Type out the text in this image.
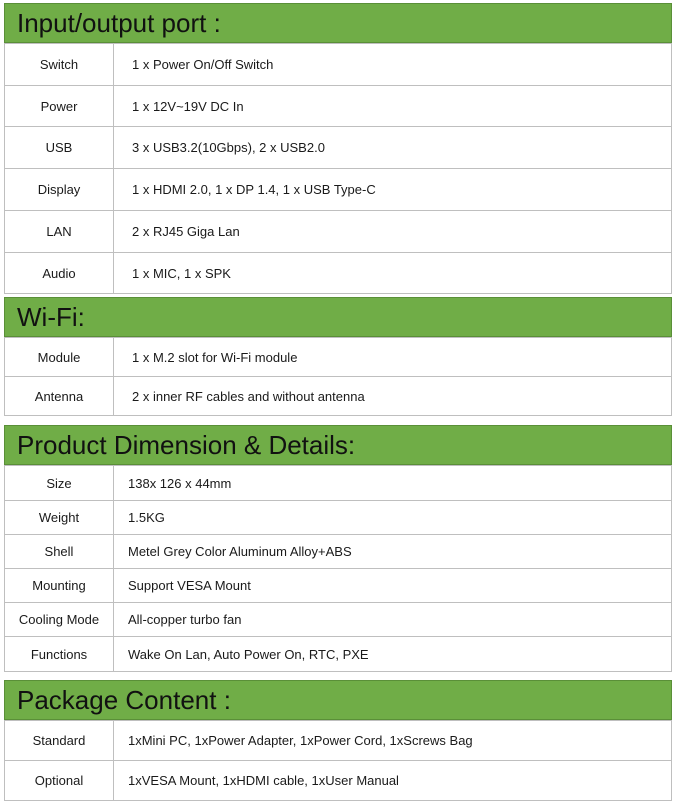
Input/output port :
Switch	1 x Power On/Off Switch
Power	1 x 12V~19V DC In
USB	3 x USB3.2(10Gbps), 2 x USB2.0
Display	1 x HDMI 2.0, 1 x DP 1.4, 1 x USB Type-C
LAN	2 x RJ45 Giga Lan
Audio	1 x MIC, 1 x SPK
Wi-Fi:
Module	1 x M.2 slot for Wi-Fi module
Antenna	2 x inner RF cables and without antenna
Product Dimension & Details:
Size	138x 126 x 44mm
Weight	1.5KG
Shell	Metel Grey Color Aluminum Alloy+ABS
Mounting	Support VESA Mount
Cooling Mode	All-copper turbo fan
Functions	Wake On Lan, Auto Power On, RTC, PXE
Package Content :
Standard	1xMini PC, 1xPower Adapter, 1xPower Cord, 1xScrews Bag
Optional	1xVESA Mount, 1xHDMI cable, 1xUser Manual
